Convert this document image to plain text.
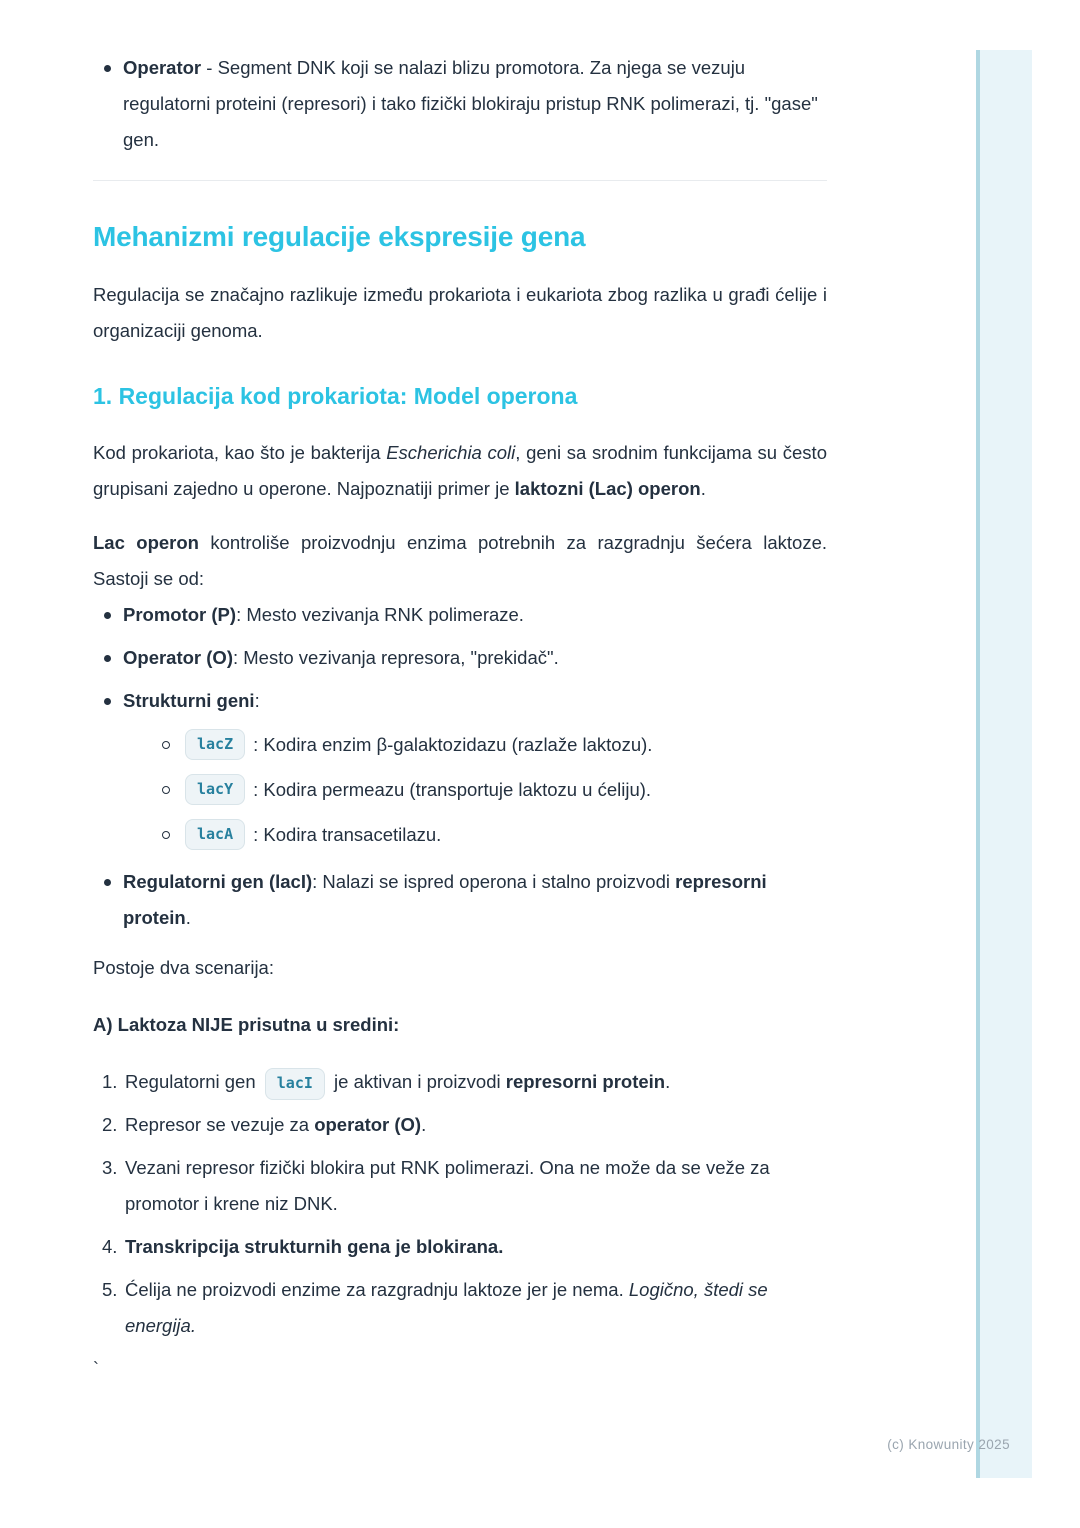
Operator - Segment DNK koji se nalazi blizu promotora. Za njega se vezuju regulatorni proteini (represori) i tako fizički blokiraju pristup RNK polimerazi, tj. "gase" gen.
Mehanizmi regulacije ekspresije gena

Regulacija se značajno razlikuje između prokariota i eukariota zbog razlika u građi ćelije i organizaciji genoma.

1. Regulacija kod prokariota: Model operona

Kod prokariota, kao što je bakterija Escherichia coli, geni sa srodnim funkcijama su često grupisani zajedno u operone. Najpoznatiji primer je laktozni (Lac) operon.

Lac operon kontroliše proizvodnju enzima potrebnih za razgradnju šećera laktoze. Sastoji se od:

Promotor (P): Mesto vezivanja RNK polimeraze.
Operator (O): Mesto vezivanja represora, "prekidač".
Strukturni geni:
lacZ	: Kodira enzim β-galaktozidazu (razlaže laktozu).
lacY	: Kodira permeazu (transportuje laktozu u ćeliju).
lacA	: Kodira transacetilazu.
Regulatorni gen (lacI): Nalazi se ispred operona i stalno proizvodi represorni protein.

Postoje dva scenarija:

A) Laktoza NIJE prisutna u sredini:

1. Regulatorni gen lacI je aktivan i proizvodi represorni protein.
2. Represor se vezuje za operator (O).
3. Vezani represor fizički blokira put RNK polimerazi. Ona ne može da se veže za promotor i krene niz DNK.
4. Transkripcija strukturnih gena je blokirana.
5. Ćelija ne proizvodi enzime za razgradnju laktoze jer je nema. Logično, štedi se energija.
`
(c) Knowunity 2025
